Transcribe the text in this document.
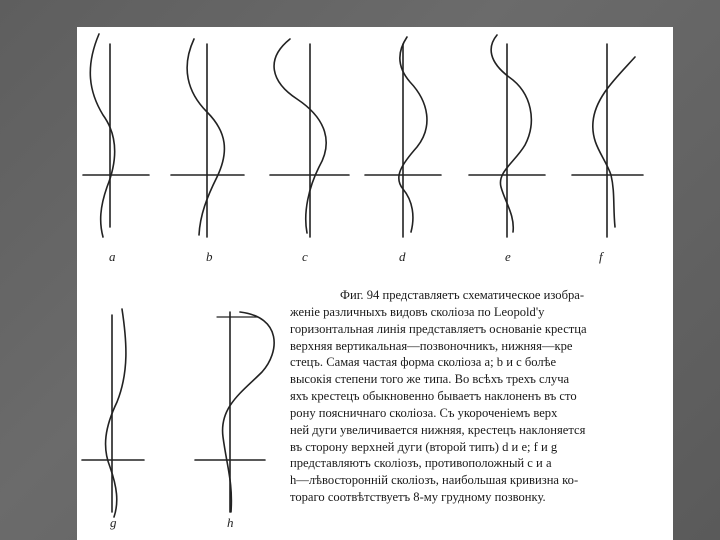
a	b	c	d	e	f
g	h
Фиг. 94 представляетъ схематическое изобра-
женіе различныхъ видовъ сколіоза по Leopold'у
горизонтальная линія представляетъ основаніе крестца
верхняя вертикальная—позвоночникъ, нижняя—кре
стецъ. Самая частая форма сколіоза a; b и c болѣе
высокія степени того же типа. Во всѣхъ трехъ случа
яхъ крестецъ обыкновенно бываетъ наклоненъ въ сто
рону поясничнаго сколіоза. Съ укороченіемъ верх
ней дуги увеличивается нижняя, крестецъ наклоняется
въ сторону верхней дуги (второй типъ) d и e; f и g
представляютъ сколіозъ, противоположный c и a
h—лѣвосторонній сколіозъ, наибольшая кривизна ко-
тораго соотвѣтствуетъ 8-му грудному позвонку.
